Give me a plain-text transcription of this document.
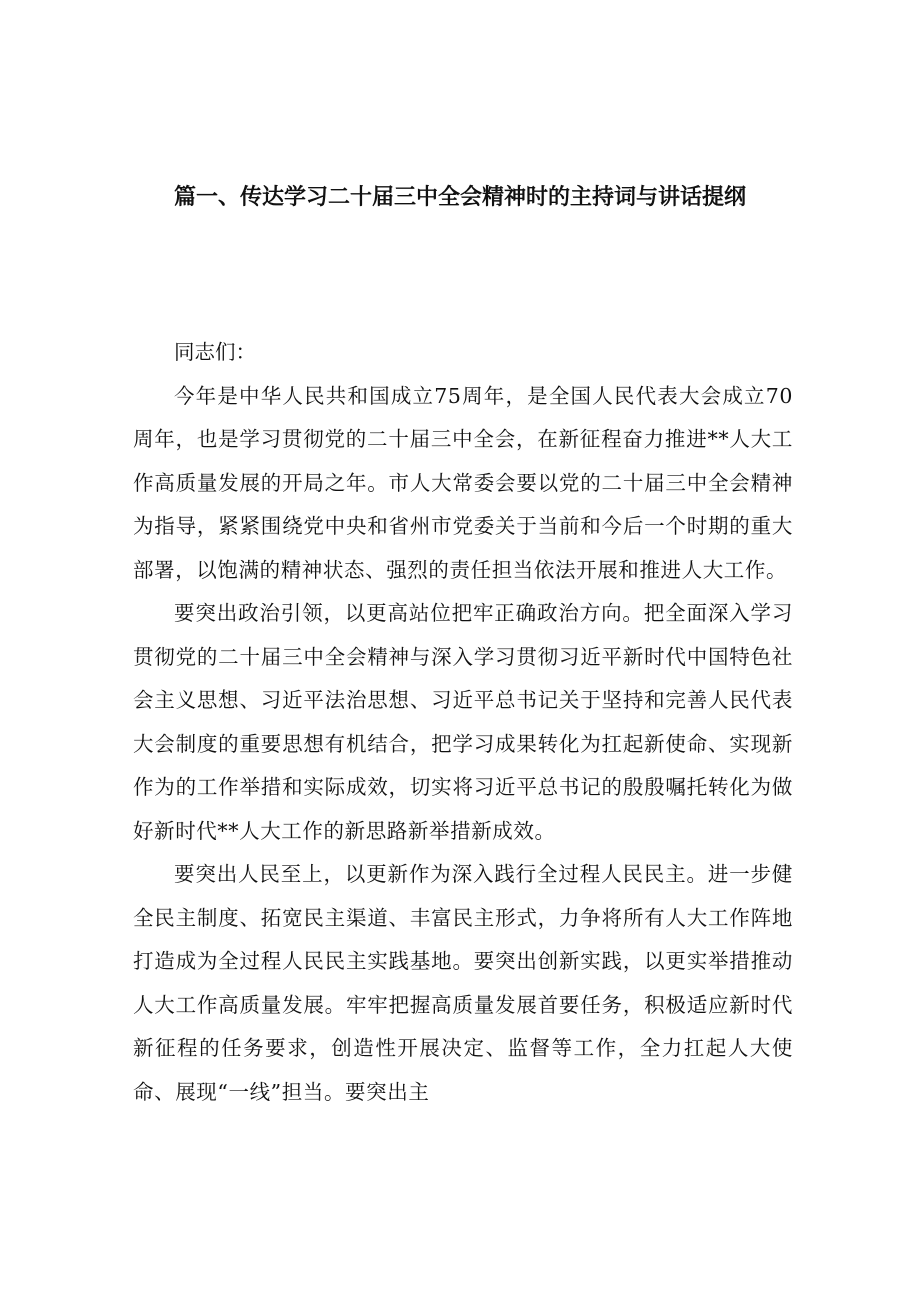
篇一、传达学习二十届三中全会精神时的主持词与讲话提纲

同志们：

今年是中华人民共和国成立75周年，是全国人民代表大会成立70周年，也是学习贯彻党的二十届三中全会，在新征程奋力推进**人大工作高质量发展的开局之年。市人大常委会要以党的二十届三中全会精神为指导，紧紧围绕党中央和省州市党委关于当前和今后一个时期的重大部署，以饱满的精神状态、强烈的责任担当依法开展和推进人大工作。

要突出政治引领，以更高站位把牢正确政治方向。把全面深入学习贯彻党的二十届三中全会精神与深入学习贯彻习近平新时代中国特色社会主义思想、习近平法治思想、习近平总书记关于坚持和完善人民代表大会制度的重要思想有机结合，把学习成果转化为扛起新使命、实现新作为的工作举措和实际成效，切实将习近平总书记的殷殷嘱托转化为做好新时代**人大工作的新思路新举措新成效。

要突出人民至上，以更新作为深入践行全过程人民民主。进一步健全民主制度、拓宽民主渠道、丰富民主形式，力争将所有人大工作阵地打造成为全过程人民民主实践基地。要突出创新实践，以更实举措推动人大工作高质量发展。牢牢把握高质量发展首要任务，积极适应新时代新征程的任务要求，创造性开展决定、监督等工作，全力扛起人大使命、展现“一线”担当。要突出主
